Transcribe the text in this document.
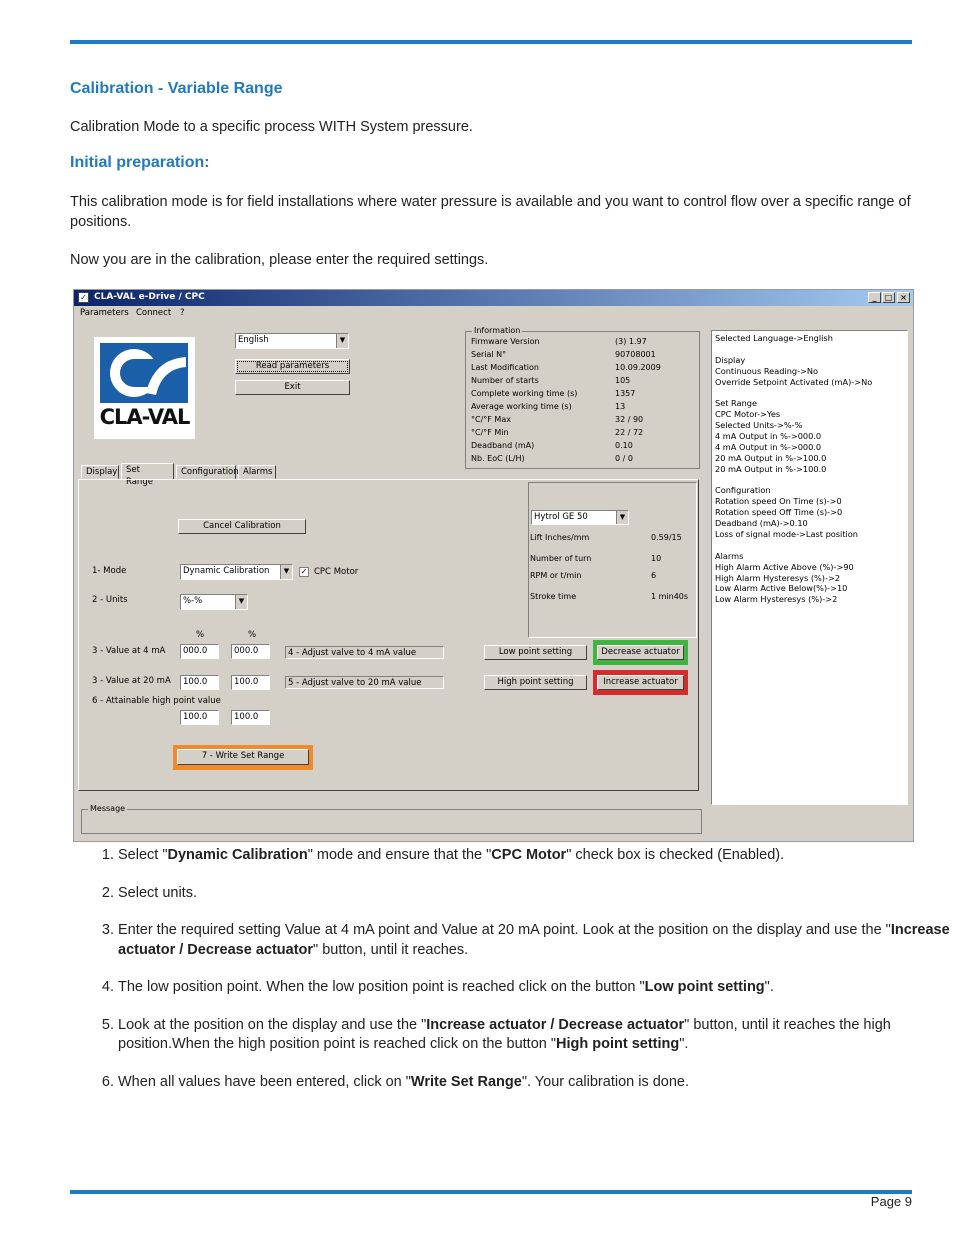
Calibration - Variable Range
Calibration Mode to a specific process WITH System pressure.
Initial preparation:
This calibration mode is for field installations where water pressure is available and you want to control flow over a specific range of positions.
Now you are in the calibration, please enter the required settings.
✓ CLA-VAL e-Drive / CPC	_	□ ×
Parameters Connect ?
CLA-VAL
English	▼
Read parameters
Exit
Information
Firmware Version	(3) 1.97
Serial N°	90708001
Last Modification	10.09.2009
Number of starts	105
Complete working time (s)	1357
Average working time (s)	13
°C/°F Max	32 / 90
°C/°F Min	22 / 72
Deadband (mA)	0.10
Nb. EoC (L/H)	0 / 0
Selected Language->English
Display
Continuous Reading->No
Override Setpoint Activated (mA)->No
Set Range
CPC Motor->Yes
Selected Units->%-%
4 mA Output in %->000.0
4 mA Output in %->000.0
20 mA Output in %->100.0
20 mA Output in %->100.0
Configuration
Rotation speed On Time (s)->0
Rotation speed Off Time (s)->0
Deadband (mA)->0.10
Loss of signal mode->Last position
Alarms
High Alarm Active Above (%)->90
High Alarm Hysteresys (%)->2
Low Alarm Active Below(%)->10
Low Alarm Hysteresys (%)->2
Display	Set Range
Configuration Alarms
Cancel Calibration
1- Mode	Dynamic Calibration	▼	✓ CPC Motor
2 - Units	%-%	▼
%	%
3 - Value at 4 mA	000.0	000.0	4 - Adjust valve to 4 mA value
3 - Value at 20 mA	100.0	100.0	5 - Adjust valve to 20 mA value
6 - Attainable high point value
100.0	100.0
7 - Write Set Range
Hytrol GE 50	▼
Lift Inches/mm	0.59/15
Number of turn	10
RPM or t/min	6
Stroke time	1 min40s
Low point setting	Decrease actuator
High point setting	Increase actuator
Message
1. Select "Dynamic Calibration" mode and ensure that the "CPC Motor" check box is checked (Enabled).
2. Select units.
3. Enter the required setting Value at 4 mA point and Value at 20 mA point. Look at the position on the display and use the "Increase actuator / Decrease actuator" button, until it reaches.
4. The low position point. When the low position point is reached click on the button "Low point setting".
5. Look at the position on the display and use the "Increase actuator / Decrease actuator" button, until it reaches the high position.When the high position point is reached click on the button "High point setting".
6. When all values have been entered, click on "Write Set Range". Your calibration is done.
Page 9
